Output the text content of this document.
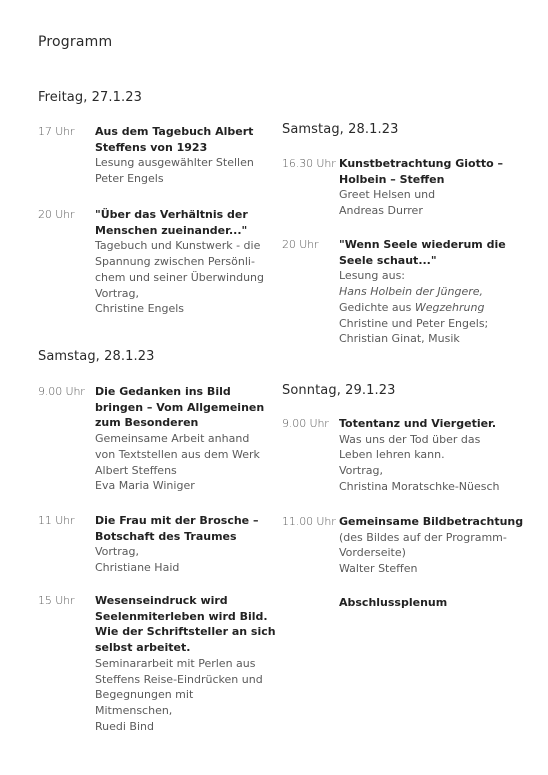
Programm
Freitag, 27.1.23
17 Uhr Aus dem Tagebuch Albert
Steffens von 1923
Lesung ausgewählter Stellen
Peter Engels
20 Uhr "Über das Verhältnis der
Menschen zueinander..."
Tagebuch und Kunstwerk - die
Spannung zwischen Persönli-
chem und seiner Überwindung
Vortrag,
Christine Engels
Samstag, 28.1.23
9.00 Uhr Die Gedanken ins Bild
bringen – Vom Allgemeinen
zum Besonderen
Gemeinsame Arbeit anhand
von Textstellen aus dem Werk
Albert Steffens
Eva Maria Winiger
11 Uhr Die Frau mit der Brosche –
Botschaft des Traumes
Vortrag,
Christiane Haid
15 Uhr Wesenseindruck wird
Seelenmiterleben wird Bild.
Wie der Schriftsteller an sich
selbst arbeitet.
Seminararbeit mit Perlen aus
Steffens Reise-Eindrücken und
Begegnungen mit
Mitmenschen,
Ruedi Bind
Samstag, 28.1.23
16.30 Uhr Kunstbetrachtung Giotto –
Holbein – Steffen
Greet Helsen und
Andreas Durrer
20 Uhr "Wenn Seele wiederum die
Seele schaut..."
Lesung aus:
Hans Holbein der Jüngere,
Gedichte aus Wegzehrung
Christine und Peter Engels;
Christian Ginat, Musik
Sonntag, 29.1.23
9.00 Uhr Totentanz und Viergetier.
Was uns der Tod über das
Leben lehren kann.
Vortrag,
Christina Moratschke-Nüesch
11.00 Uhr Gemeinsame Bildbetrachtung
(des Bildes auf der Programm-
Vorderseite)
Walter Steffen
Abschlussplenum
